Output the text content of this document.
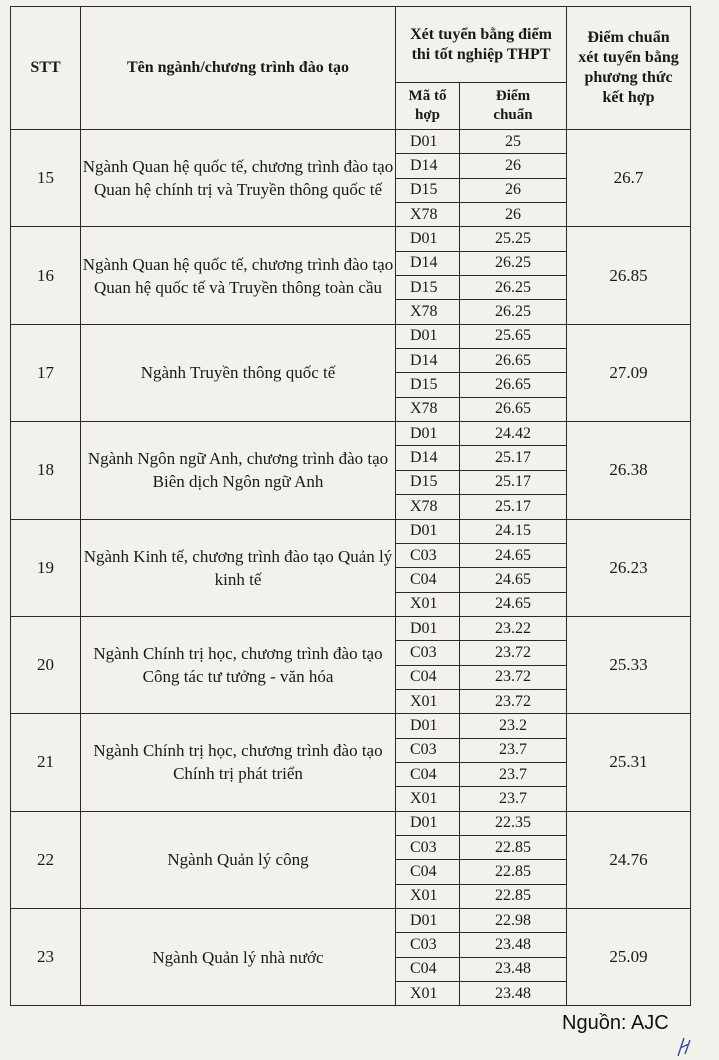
STT	Tên ngành/chương trình đào tạo	Xét tuyển bằng điểm thi tốt nghiệp THPT		Điểm chuẩn xét tuyển bằng phương thức kết hợp
		Mã tổ hợp	Điểm chuẩn	
15	Ngành Quan hệ quốc tế, chương trình đào tạo Quan hệ chính trị và Truyền thông quốc tế	D01	25	26.7
		D14	26	
		D15	26	
		X78	26	
16	Ngành Quan hệ quốc tế, chương trình đào tạo Quan hệ quốc tế và Truyền thông toàn cầu	D01	25.25	26.85
		D14	26.25	
		D15	26.25	
		X78	26.25	
17	Ngành Truyền thông quốc tế	D01	25.65	27.09
		D14	26.65	
		D15	26.65	
		X78	26.65	
18	Ngành Ngôn ngữ Anh, chương trình đào tạo Biên dịch Ngôn ngữ Anh	D01	24.42	26.38
		D14	25.17	
		D15	25.17	
		X78	25.17	
19	Ngành Kinh tế, chương trình đào tạo Quản lý kinh tế	D01	24.15	26.23
		C03	24.65	
		C04	24.65	
		X01	24.65	
20	Ngành Chính trị học, chương trình đào tạo Công tác tư tưởng - văn hóa	D01	23.22	25.33
		C03	23.72	
		C04	23.72	
		X01	23.72	
21	Ngành Chính trị học, chương trình đào tạo Chính trị phát triển	D01	23.2	25.31
		C03	23.7	
		C04	23.7	
		X01	23.7	
22	Ngành Quản lý công	D01	22.35	24.76
		C03	22.85	
		C04	22.85	
		X01	22.85	
23	Ngành Quản lý nhà nước	D01	22.98	25.09
		C03	23.48	
		C04	23.48	
		X01	23.48	
Nguồn: AJC
